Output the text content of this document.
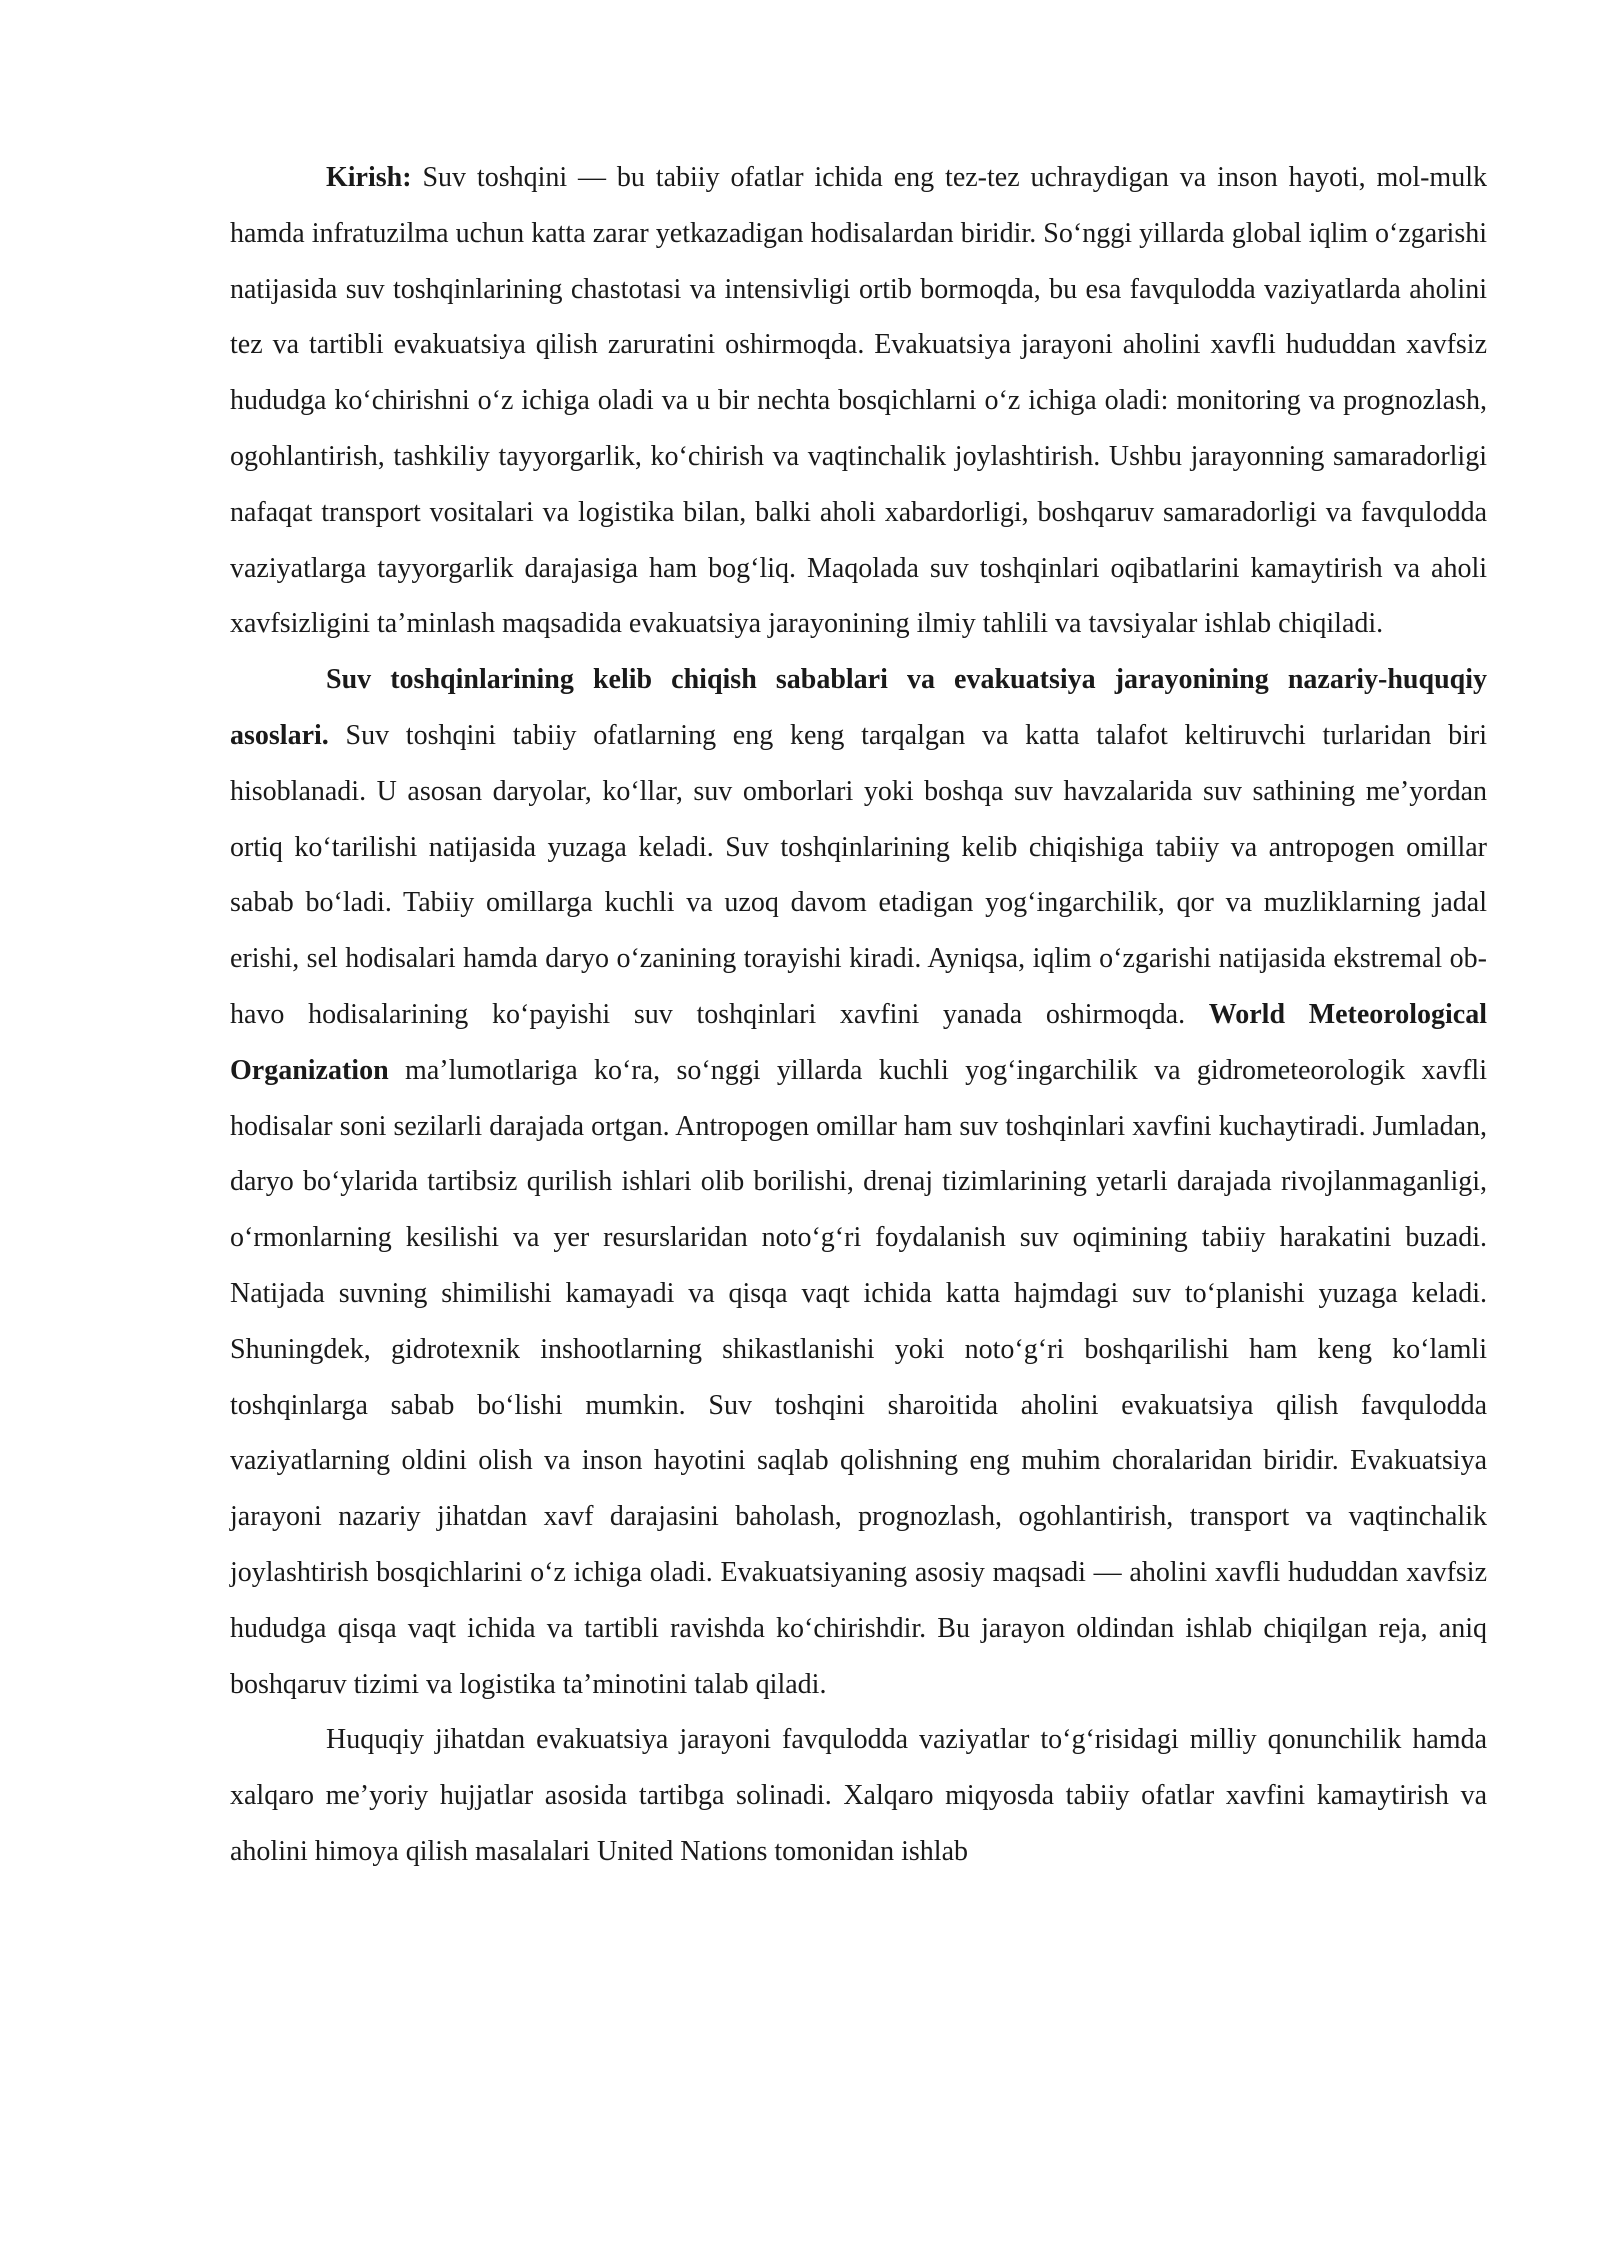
Kirish: Suv toshqini — bu tabiiy ofatlar ichida eng tez-tez uchraydigan va inson hayoti, mol-mulk hamda infratuzilma uchun katta zarar yetkazadigan hodisalardan biridir. So‘nggi yillarda global iqlim o‘zgarishi natijasida suv toshqinlarining chastotasi va intensivligi ortib bormoqda, bu esa favqulodda vaziyatlarda aholini tez va tartibli evakuatsiya qilish zaruratini oshirmoqda. Evakuatsiya jarayoni aholini xavfli hududdan xavfsiz hududga ko‘chirishni o‘z ichiga oladi va u bir nechta bosqichlarni o‘z ichiga oladi: monitoring va prognozlash, ogohlantirish, tashkiliy tayyorgarlik, ko‘chirish va vaqtinchalik joylashtirish. Ushbu jarayonning samaradorligi nafaqat transport vositalari va logistika bilan, balki aholi xabardorligi, boshqaruv samaradorligi va favqulodda vaziyatlarga tayyorgarlik darajasiga ham bog‘liq. Maqolada suv toshqinlari oqibatlarini kamaytirish va aholi xavfsizligini ta’minlash maqsadida evakuatsiya jarayonining ilmiy tahlili va tavsiyalar ishlab chiqiladi.

Suv toshqinlarining kelib chiqish sabablari va evakuatsiya jarayonining nazariy-huquqiy asoslari. Suv toshqini tabiiy ofatlarning eng keng tarqalgan va katta talafot keltiruvchi turlaridan biri hisoblanadi. U asosan daryolar, ko‘llar, suv omborlari yoki boshqa suv havzalarida suv sathining me’yordan ortiq ko‘tarilishi natijasida yuzaga keladi. Suv toshqinlarining kelib chiqishiga tabiiy va antropogen omillar sabab bo‘ladi. Tabiiy omillarga kuchli va uzoq davom etadigan yog‘ingarchilik, qor va muzliklarning jadal erishi, sel hodisalari hamda daryo o‘zanining torayishi kiradi. Ayniqsa, iqlim o‘zgarishi natijasida ekstremal ob-havo hodisalarining ko‘payishi suv toshqinlari xavfini yanada oshirmoqda. World Meteorological Organization ma’lumotlariga ko‘ra, so‘nggi yillarda kuchli yog‘ingarchilik va gidrometeorologik xavfli hodisalar soni sezilarli darajada ortgan. Antropogen omillar ham suv toshqinlari xavfini kuchaytiradi. Jumladan, daryo bo‘ylarida tartibsiz qurilish ishlari olib borilishi, drenaj tizimlarining yetarli darajada rivojlanmaganligi, o‘rmonlarning kesilishi va yer resurslaridan noto‘g‘ri foydalanish suv oqimining tabiiy harakatini buzadi. Natijada suvning shimilishi kamayadi va qisqa vaqt ichida katta hajmdagi suv to‘planishi yuzaga keladi. Shuningdek, gidrotexnik inshootlarning shikastlanishi yoki noto‘g‘ri boshqarilishi ham keng ko‘lamli toshqinlarga sabab bo‘lishi mumkin. Suv toshqini sharoitida aholini evakuatsiya qilish favqulodda vaziyatlarning oldini olish va inson hayotini saqlab qolishning eng muhim choralaridan biridir. Evakuatsiya jarayoni nazariy jihatdan xavf darajasini baholash, prognozlash, ogohlantirish, transport va vaqtinchalik joylashtirish bosqichlarini o‘z ichiga oladi. Evakuatsiyaning asosiy maqsadi — aholini xavfli hududdan xavfsiz hududga qisqa vaqt ichida va tartibli ravishda ko‘chirishdir. Bu jarayon oldindan ishlab chiqilgan reja, aniq boshqaruv tizimi va logistika ta’minotini talab qiladi.

Huquqiy jihatdan evakuatsiya jarayoni favqulodda vaziyatlar to‘g‘risidagi milliy qonunchilik hamda xalqaro me’yoriy hujjatlar asosida tartibga solinadi. Xalqaro miqyosda tabiiy ofatlar xavfini kamaytirish va aholini himoya qilish masalalari United Nations tomonidan ishlab
